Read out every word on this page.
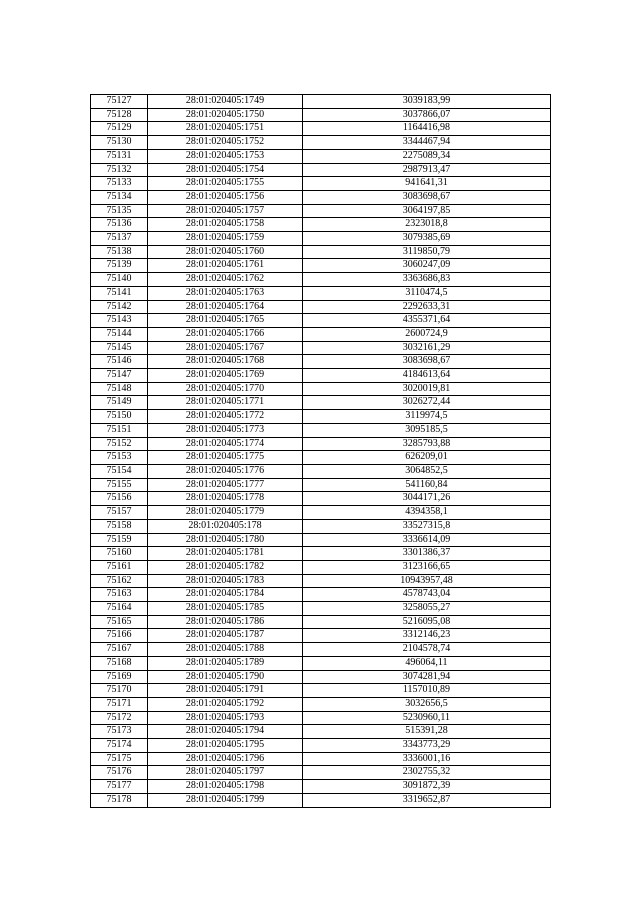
75127	28:01:020405:1749	3039183,99
75128	28:01:020405:1750	3037866,07
75129	28:01:020405:1751	1164416,98
75130	28:01:020405:1752	3344467,94
75131	28:01:020405:1753	2275089,34
75132	28:01:020405:1754	2987913,47
75133	28:01:020405:1755	941641,31
75134	28:01:020405:1756	3083698,67
75135	28:01:020405:1757	3064197,85
75136	28:01:020405:1758	2323018,8
75137	28:01:020405:1759	3079385,69
75138	28:01:020405:1760	3119850,79
75139	28:01:020405:1761	3060247,09
75140	28:01:020405:1762	3363686,83
75141	28:01:020405:1763	3110474,5
75142	28:01:020405:1764	2292633,31
75143	28:01:020405:1765	4355371,64
75144	28:01:020405:1766	2600724,9
75145	28:01:020405:1767	3032161,29
75146	28:01:020405:1768	3083698,67
75147	28:01:020405:1769	4184613,64
75148	28:01:020405:1770	3020019,81
75149	28:01:020405:1771	3026272,44
75150	28:01:020405:1772	3119974,5
75151	28:01:020405:1773	3095185,5
75152	28:01:020405:1774	3285793,88
75153	28:01:020405:1775	626209,01
75154	28:01:020405:1776	3064852,5
75155	28:01:020405:1777	541160,84
75156	28:01:020405:1778	3044171,26
75157	28:01:020405:1779	4394358,1
75158	28:01:020405:178	33527315,8
75159	28:01:020405:1780	3336614,09
75160	28:01:020405:1781	3301386,37
75161	28:01:020405:1782	3123166,65
75162	28:01:020405:1783	10943957,48
75163	28:01:020405:1784	4578743,04
75164	28:01:020405:1785	3258055,27
75165	28:01:020405:1786	5216095,08
75166	28:01:020405:1787	3312146,23
75167	28:01:020405:1788	2104578,74
75168	28:01:020405:1789	496064,11
75169	28:01:020405:1790	3074281,94
75170	28:01:020405:1791	1157010,89
75171	28:01:020405:1792	3032656,5
75172	28:01:020405:1793	5230960,11
75173	28:01:020405:1794	515391,28
75174	28:01:020405:1795	3343773,29
75175	28:01:020405:1796	3336001,16
75176	28:01:020405:1797	2302755,32
75177	28:01:020405:1798	3091872,39
75178	28:01:020405:1799	3319652,87
